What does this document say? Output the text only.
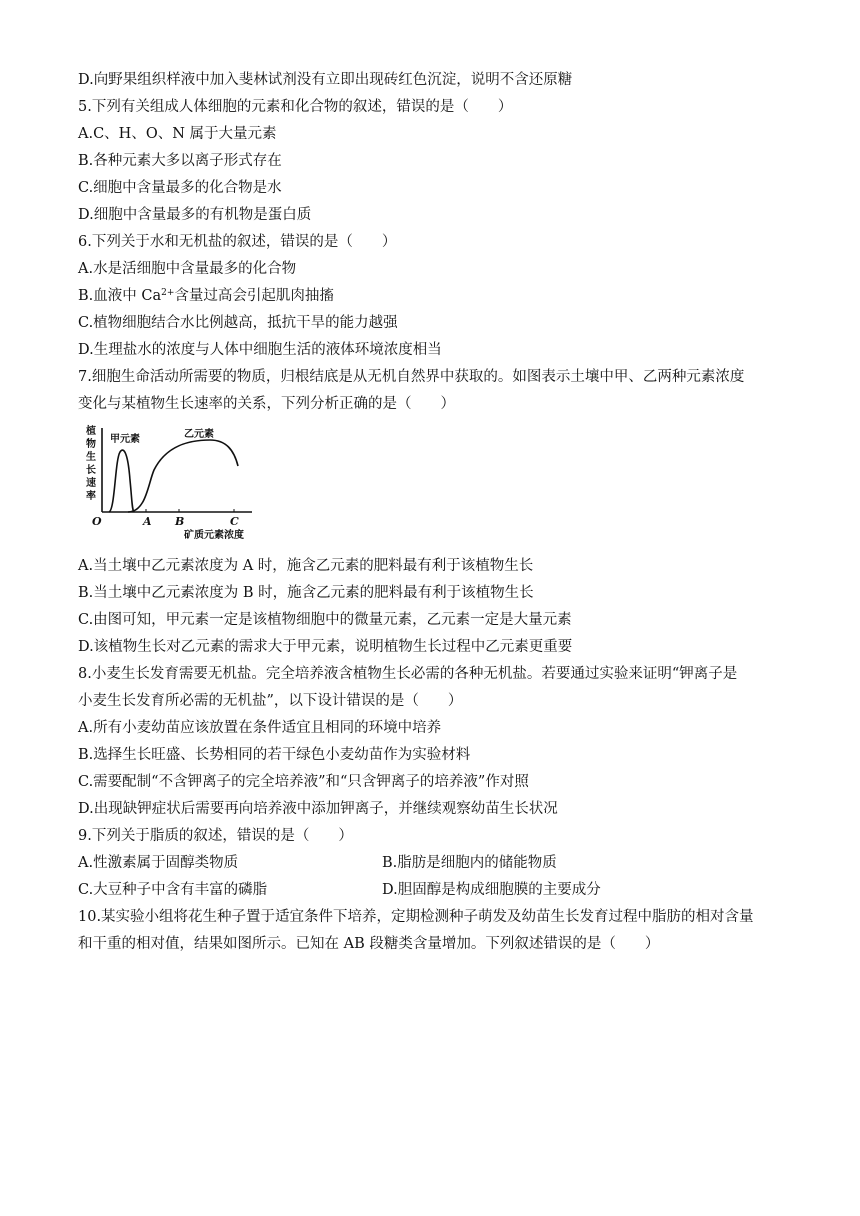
D.向野果组织样液中加入斐林试剂没有立即出现砖红色沉淀，说明不含还原糖
5.下列有关组成人体细胞的元素和化合物的叙述，错误的是（　　）
A.C、H、O、N 属于大量元素
B.各种元素大多以离子形式存在
C.细胞中含量最多的化合物是水
D.细胞中含量最多的有机物是蛋白质
6.下列关于水和无机盐的叙述，错误的是（　　）
A.水是活细胞中含量最多的化合物
B.血液中 $Ca^{2+}$含量过高会引起肌肉抽搐
C.植物细胞结合水比例越高，抵抗干旱的能力越强
D.生理盐水的浓度与人体中细胞生活的液体环境浓度相当
7.细胞生命活动所需要的物质，归根结底是从无机自然界中获取的。如图表示土壤中甲、乙两种元素浓度
变化与某植物生长速率的关系，下列分析正确的是（　　）
植
物
生
长
速
率
甲元素	乙元素
O	A B	C
矿质元素浓度
A.当土壤中乙元素浓度为 A 时，施含乙元素的肥料最有利于该植物生长
B.当土壤中乙元素浓度为 B 时，施含乙元素的肥料最有利于该植物生长
C.由图可知，甲元素一定是该植物细胞中的微量元素，乙元素一定是大量元素
D.该植物生长对乙元素的需求大于甲元素，说明植物生长过程中乙元素更重要
8.小麦生长发育需要无机盐。完全培养液含植物生长必需的各种无机盐。若要通过实验来证明“钾离子是
小麦生长发育所必需的无机盐”，以下设计错误的是（　　）
A.所有小麦幼苗应该放置在条件适宜且相同的环境中培养
B.选择生长旺盛、长势相同的若干绿色小麦幼苗作为实验材料
C.需要配制“不含钾离子的完全培养液”和“只含钾离子的培养液”作对照
D.出现缺钾症状后需要再向培养液中添加钾离子，并继续观察幼苗生长状况
9.下列关于脂质的叙述，错误的是（　　）
A.性激素属于固醇类物质	B.脂肪是细胞内的储能物质
C.大豆种子中含有丰富的磷脂	D.胆固醇是构成细胞膜的主要成分
10.某实验小组将花生种子置于适宜条件下培养，定期检测种子萌发及幼苗生长发育过程中脂肪的相对含量
和干重的相对值，结果如图所示。已知在 AB 段糖类含量增加。下列叙述错误的是（　　）
